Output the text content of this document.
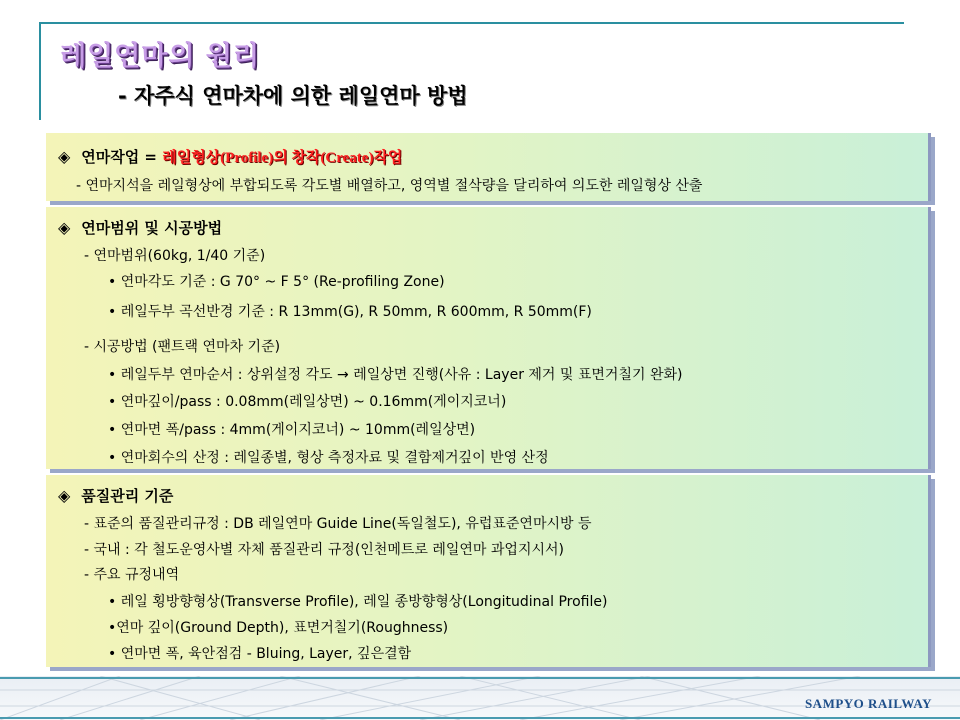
레일연마의 원리
- 자주식 연마차에 의한 레일연마 방법
◈ 연마작업 = 레일형상(Profile)의 창작(Create)작업
- 연마지석을 레일형상에 부합되도록 각도별 배열하고, 영역별 절삭량을 달리하여 의도한 레일형상 산출
◈ 연마범위 및 시공방법
- 연마범위(60kg, 1/40 기준)
• 연마각도 기준 : G 70° ~ F 5° (Re-profiling Zone)
• 레일두부 곡선반경 기준 : R 13mm(G), R 50mm, R 600mm, R 50mm(F)
- 시공방법 (팬트랙 연마차 기준)
• 레일두부 연마순서 : 상위설정 각도 → 레일상면 진행(사유 : Layer 제거 및 표면거칠기 완화)
• 연마깊이/pass : 0.08mm(레일상면) ~ 0.16mm(게이지코너)
• 연마면 폭/pass : 4mm(게이지코너) ~ 10mm(레일상면)
• 연마회수의 산정 : 레일종별, 형상 측정자료 및 결함제거깊이 반영 산정
◈ 품질관리 기준
- 표준의 품질관리규정 : DB 레일연마 Guide Line(독일철도), 유럽표준연마시방 등
- 국내 : 각 철도운영사별 자체 품질관리 규정(인천메트로 레일연마 과업지시서)
- 주요 규정내역
• 레일 횡방향형상(Transverse Profile), 레일 종방향형상(Longitudinal Profile)
•연마 깊이(Ground Depth), 표면거칠기(Roughness)
• 연마면 폭, 육안점검 - Bluing, Layer, 깊은결함
SAMPYO RAILWAY
